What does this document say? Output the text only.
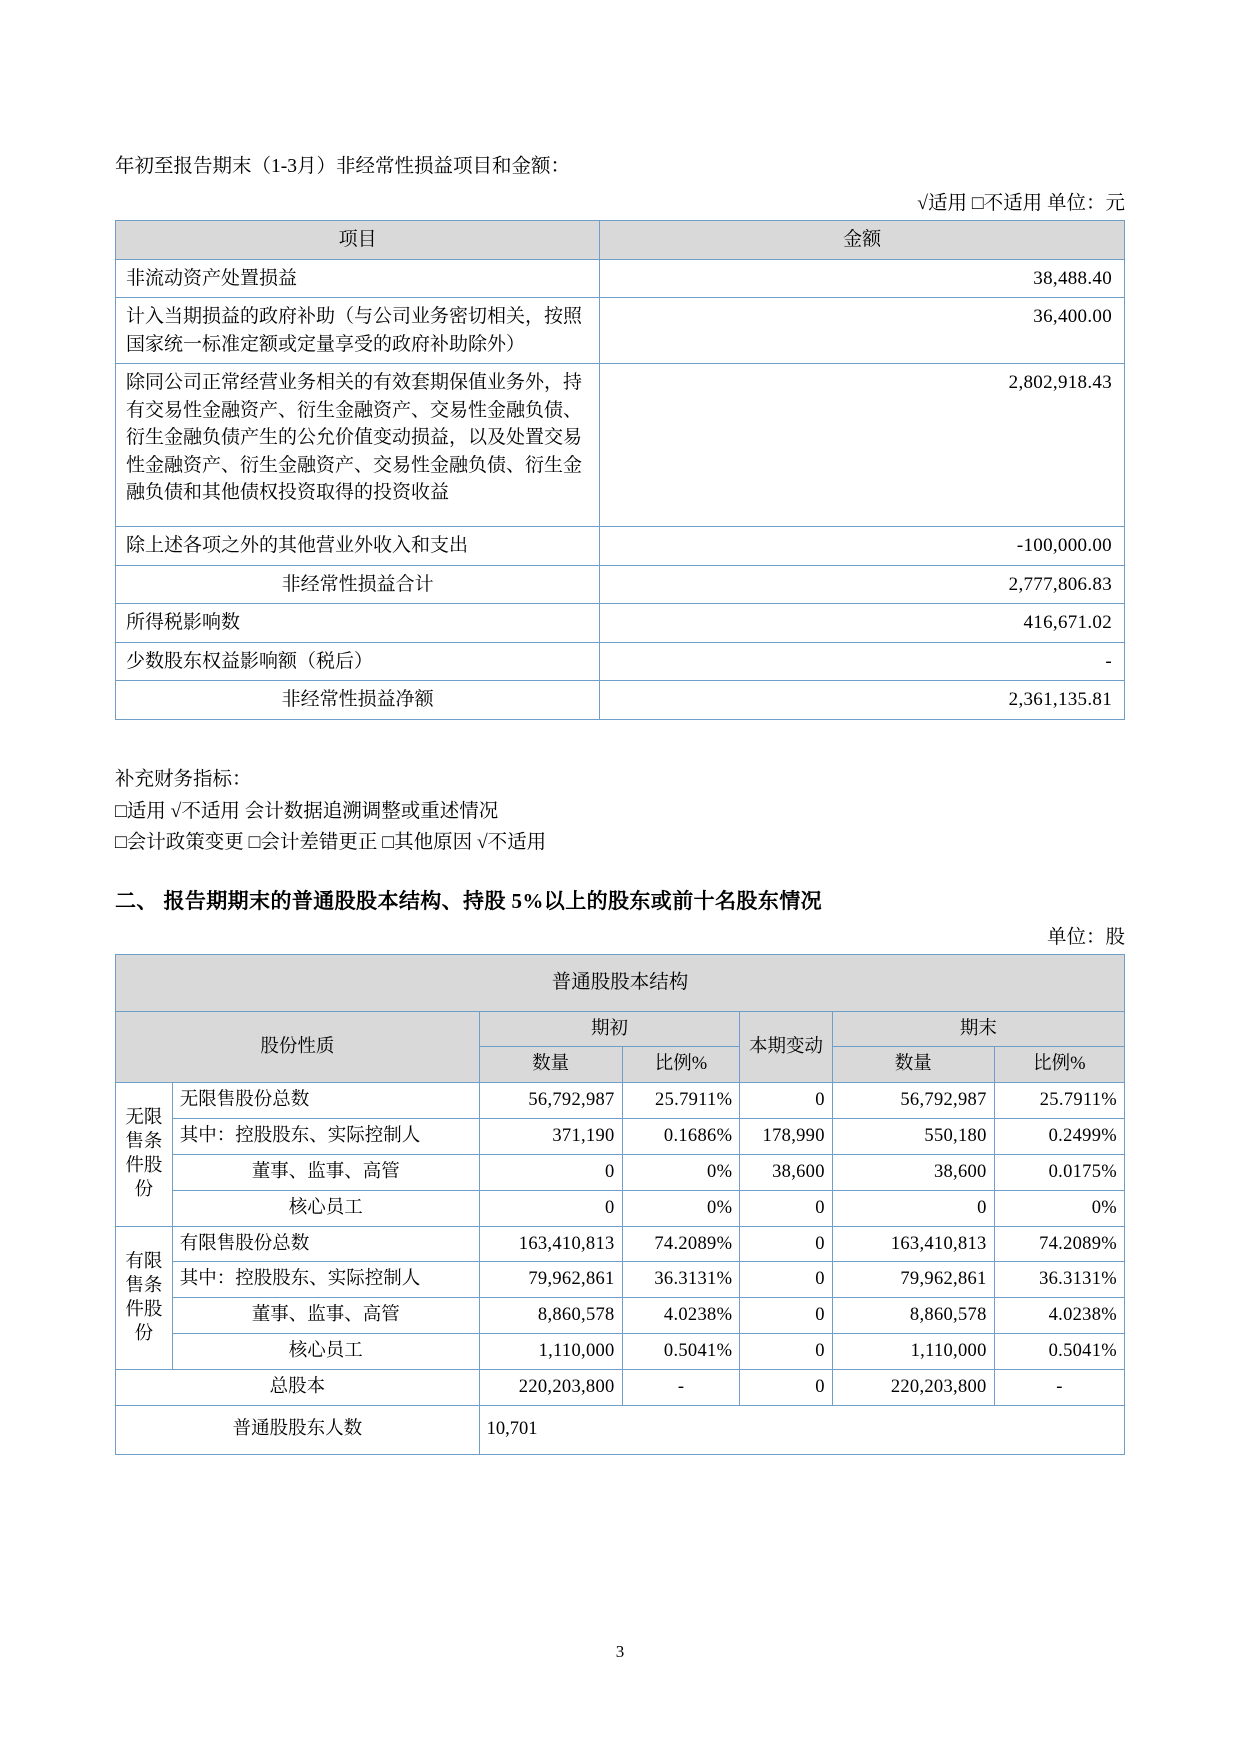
年初至报告期末（1-3月）非经常性损益项目和金额：
√适用 □不适用 单位：元
项目	金额
非流动资产处置损益	38,488.40
计入当期损益的政府补助（与公司业务密切相关，按照国家统一标准定额或定量享受的政府补助除外）	36,400.00
除同公司正常经营业务相关的有效套期保值业务外，持有交易性金融资产、衍生金融资产、交易性金融负债、衍生金融负债产生的公允价值变动损益，以及处置交易性金融资产、衍生金融资产、交易性金融负债、衍生金融负债和其他债权投资取得的投资收益	2,802,918.43
除上述各项之外的其他营业外收入和支出	-100,000.00
非经常性损益合计	2,777,806.83
所得税影响数	416,671.02
少数股东权益影响额（税后）	-
非经常性损益净额	2,361,135.81
补充财务指标：
□适用 √不适用 会计数据追溯调整或重述情况
□会计政策变更 □会计差错更正 □其他原因 √不适用
二、 报告期期末的普通股股本结构、持股 5%以上的股东或前十名股东情况
单位：股
普通股股本结构						
股份性质		期初		本期变动	期末	
		数量	比例%		数量	比例%

无限售条件股份	无限售股份总数	56,792,987	25.7911%	0	56,792,987	25.7911%
	其中：控股股东、实际控制人	371,190	0.1686%	178,990	550,180	0.2499%
	董事、监事、高管	0	0%	38,600	38,600	0.0175%
	核心员工	0	0%	0	0	0%

有限售条件股份	有限售股份总数	163,410,813	74.2089%	0	163,410,813	74.2089%
	其中：控股股东、实际控制人	79,962,861	36.3131%	0	79,962,861	36.3131%
	董事、监事、高管	8,860,578	4.0238%	0	8,860,578	4.0238%
	核心员工	1,110,000	0.5041%	0	1,110,000	0.5041%
总股本		220,203,800	-	0	220,203,800	-
普通股股东人数		10,701				
3
